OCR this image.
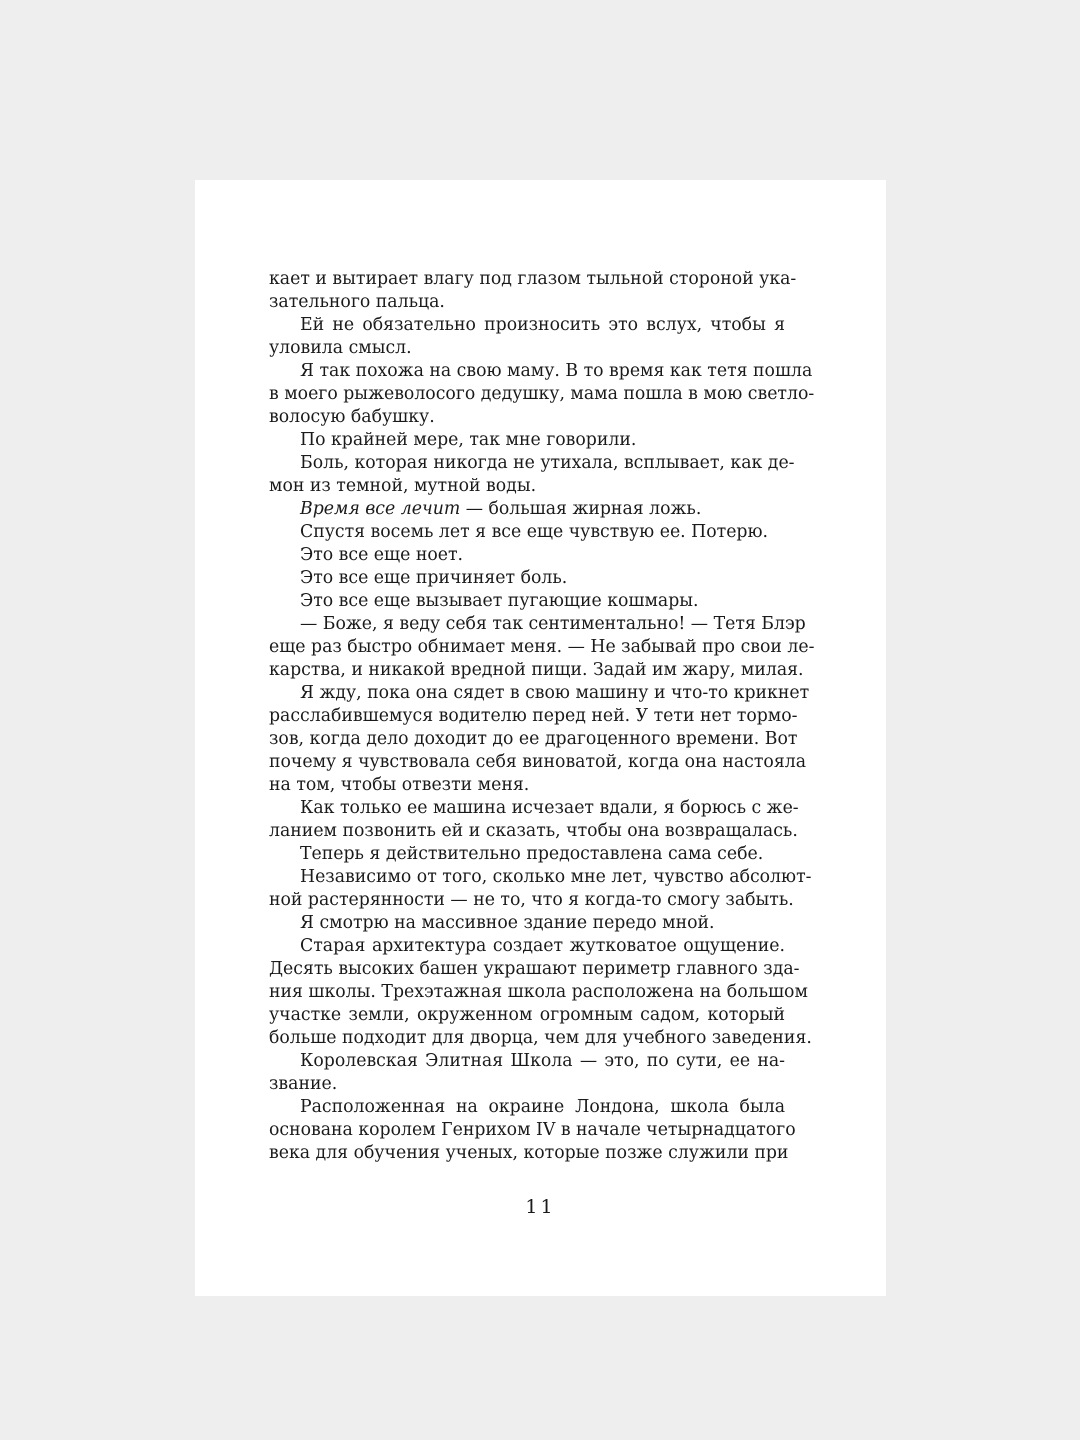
кает и вытирает влагу под глазом тыльной стороной ука-
зательного пальца.
Ей не обязательно произносить это вслух, чтобы я
уловила смысл.
Я так похожа на свою маму. В то время как тетя пошла
в моего рыжеволосого дедушку, мама пошла в мою светло-
волосую бабушку.
По крайней мере, так мне говорили.
Боль, которая никогда не утихала, всплывает, как де-
мон из темной, мутной воды.
Время все лечит — большая жирная ложь.
Спустя восемь лет я все еще чувствую ее. Потерю.
Это все еще ноет.
Это все еще причиняет боль.
Это все еще вызывает пугающие кошмары.
— Боже, я веду себя так сентиментально! — Тетя Блэр
еще раз быстро обнимает меня. — Не забывай про свои ле-
карства, и никакой вредной пищи. Задай им жару, милая.
Я жду, пока она сядет в свою машину и что-то крикнет
расслабившемуся водителю перед ней. У тети нет тормо-
зов, когда дело доходит до ее драгоценного времени. Вот
почему я чувствовала себя виноватой, когда она настояла
на том, чтобы отвезти меня.
Как только ее машина исчезает вдали, я борюсь с же-
ланием позвонить ей и сказать, чтобы она возвращалась.
Теперь я действительно предоставлена сама себе.
Независимо от того, сколько мне лет, чувство абсолют-
ной растерянности — не то, что я когда-то смогу забыть.
Я смотрю на массивное здание передо мной.
Старая архитектура создает жутковатое ощущение.
Десять высоких башен украшают периметр главного зда-
ния школы. Трехэтажная школа расположена на большом
участке земли, окруженном огромным садом, который
больше подходит для дворца, чем для учебного заведения.
Королевская Элитная Школа — это, по сути, ее на-
звание.
Расположенная на окраине Лондона, школа была
основана королем Генрихом IV в начале четырнадцатого
века для обучения ученых, которые позже служили при
11
